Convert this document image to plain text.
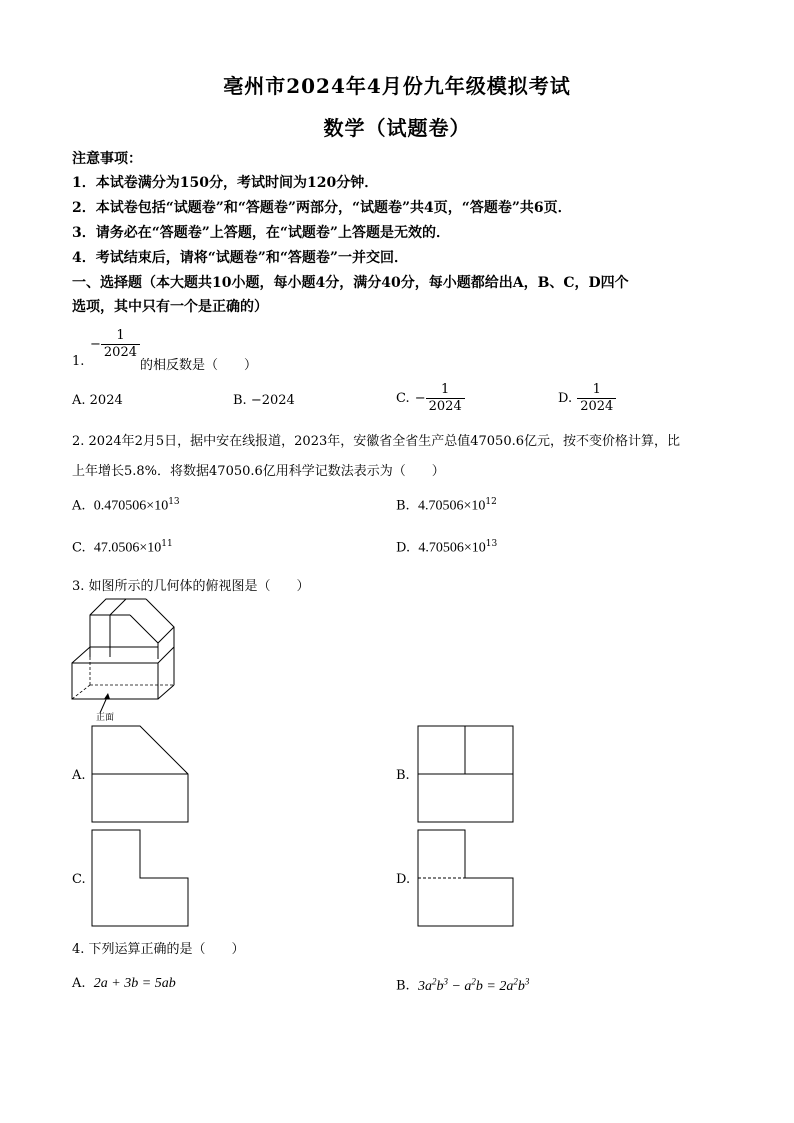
亳州市2024年4月份九年级模拟考试
数学（试题卷）
注意事项：
1．本试卷满分为150分，考试时间为120分钟．
2．本试卷包括“试题卷”和“答题卷”两部分，“试题卷”共4页，“答题卷”共6页．
3．请务必在“答题卷”上答题，在“试题卷”上答题是无效的．
4．考试结束后，请将“试题卷”和“答题卷”一并交回．
一、选择题（本大题共10小题，每小题4分，满分40分，每小题都给出A，B、C，D四个
选项，其中只有一个是正确的）
1.
− $\frac{1}{2024}$
的相反数是（　　）
A. 2024	B. −2024	C. − $\frac{1}{2024}$	D. $\frac{1}{2024}$
2. 2024年2月5日，据中安在线报道，2023年，安徽省全省生产总值47050.6亿元，按不变价格计算，比
上年增长5.8%．将数据47050.6亿用科学记数法表示为（　　）
A. $0.470506\times 10^{13}$	B. $4.70506\times 10^{12}$
C. $47.0506\times 10^{11}$	D. $4.70506\times 10^{13}$
3. 如图所示的几何体的俯视图是（　　）
正面
A.	B.
C.	D.
4. 下列运算正确的是（　　）
A. 2a + 3b = 5ab	B. $3a^2b^3 - a^2b = 2a^2b^3$
